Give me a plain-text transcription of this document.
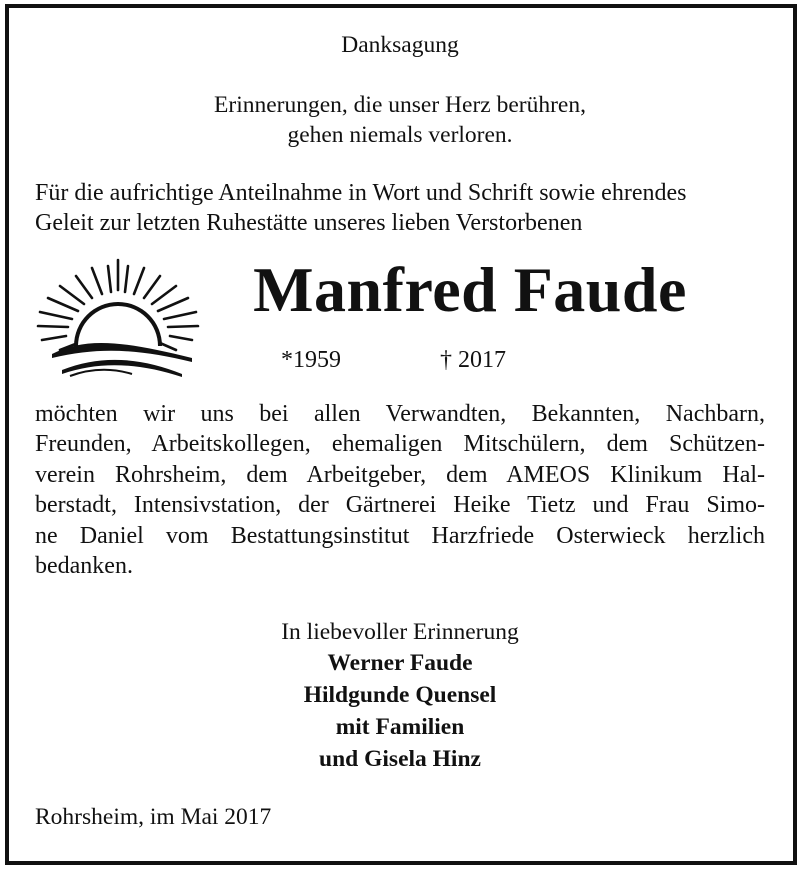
Danksagung
Erinnerungen, die unser Herz berühren,
gehen niemals verloren.
Für die aufrichtige Anteilnahme in Wort und Schrift sowie ehrendes
Geleit zur letzten Ruhestätte unseres lieben Verstorbenen
Manfred Faude
*1959	† 2017
möchten wir uns bei allen Verwandten, Bekannten, Nachbarn,
Freunden, Arbeitskollegen, ehemaligen Mitschülern, dem Schützen-
verein Rohrsheim, dem Arbeitgeber, dem AMEOS Klinikum Hal-
berstadt, Intensivstation, der Gärtnerei Heike Tietz und Frau Simo-
ne Daniel vom Bestattungsinstitut Harzfriede Osterwieck herzlich
bedanken.
In liebevoller Erinnerung
Werner Faude
Hildgunde Quensel
mit Familien
und Gisela Hinz
Rohrsheim, im Mai 2017
